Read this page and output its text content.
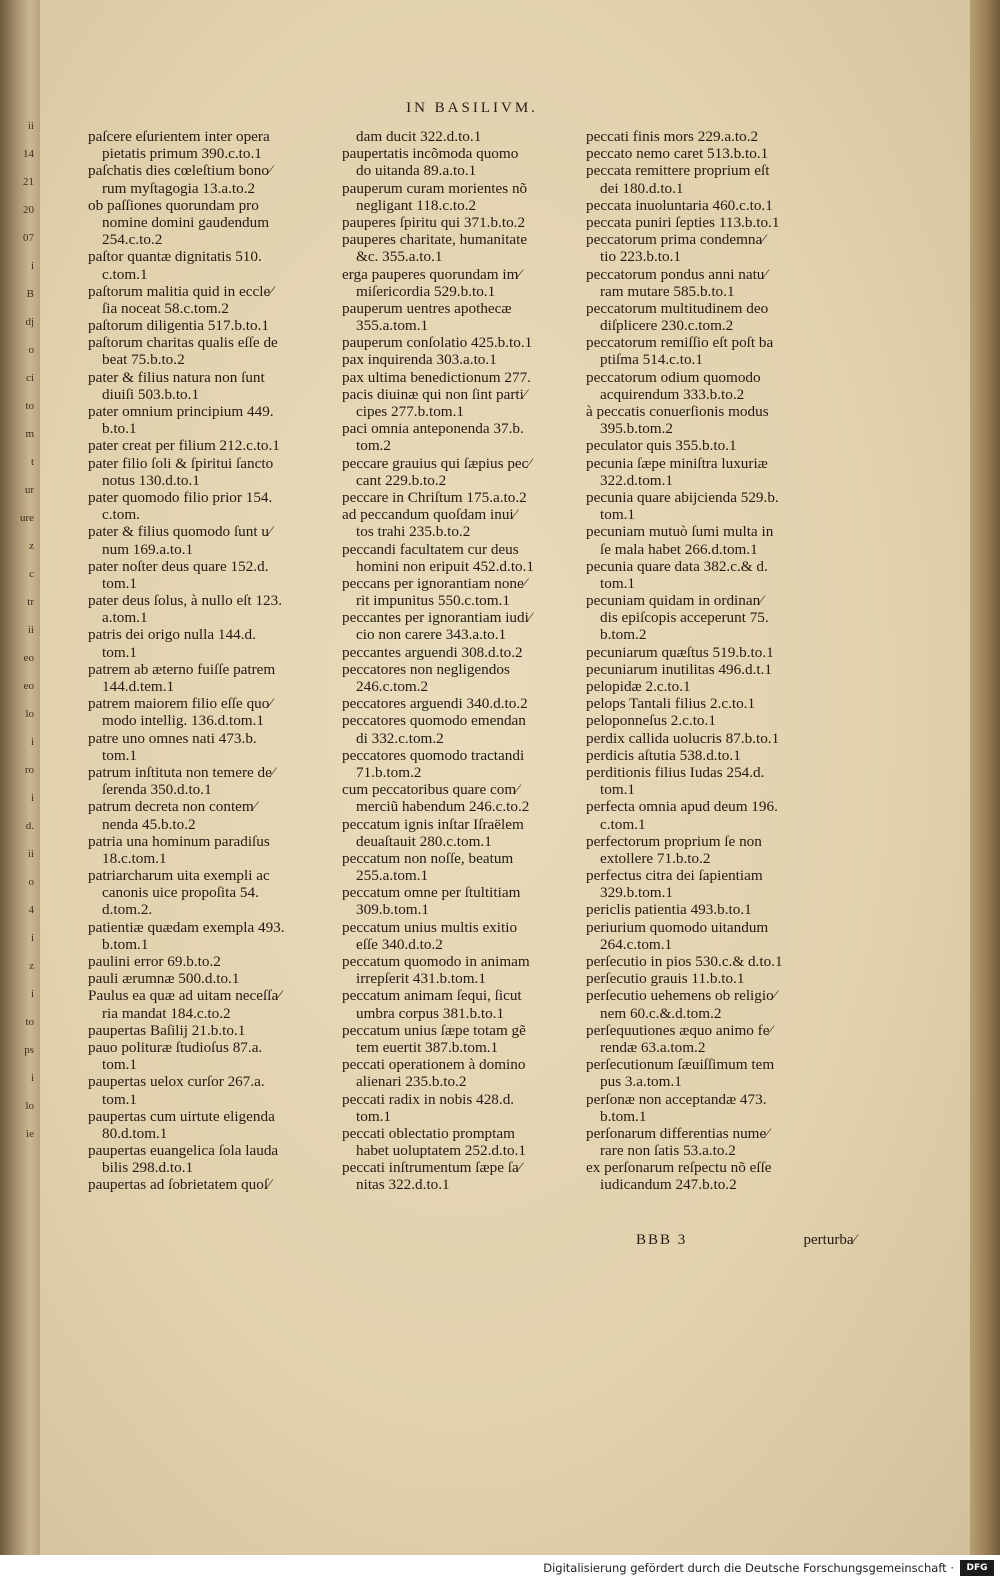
ii
14
21
20
07
i
B
dj
o
ci
to
m
t
ur
ure
z
c
tr
ii
eo
eo
lo
i
ro
i
d.
ii
o
4
i
z
i
to
ps
i
lo
ie
IN BASILIVM.
paſcere eſurientem inter opera
pietatis primum 390.c.to.1
paſchatis dies cœleſtium bono⁄
rum myſtagogia 13.a.to.2
ob paſſiones quorundam pro
nomine domini gaudendum
254.c.to.2
paſtor quantæ dignitatis 510.
c.tom.1
paſtorum malitia quid in eccle⁄
ſia noceat 58.c.tom.2
paſtorum diligentia 517.b.to.1
paſtorum charitas qualis eſſe de
beat 75.b.to.2
pater & filius natura non ſunt
diuiſi 503.b.to.1
pater omnium principium 449.
b.to.1
pater creat per filium 212.c.to.1
pater filio ſoli & ſpiritui ſancto
notus 130.d.to.1
pater quomodo filio prior 154.
c.tom.
pater & filius quomodo ſunt u⁄
num 169.a.to.1
pater noſter deus quare 152.d.
tom.1
pater deus ſolus, à nullo eſt 123.
a.tom.1
patris dei origo nulla 144.d.
tom.1
patrem ab æterno fuiſſe patrem
144.d.tem.1
patrem maiorem filio eſſe quo⁄
modo intellig. 136.d.tom.1
patre uno omnes nati 473.b.
tom.1
patrum inſtituta non temere de⁄
ſerenda 350.d.to.1
patrum decreta non contem⁄
nenda 45.b.to.2
patria una hominum paradiſus
18.c.tom.1
patriarcharum uita exempli ac
canonis uice propoſita 54.
d.tom.2.
patientiæ quædam exempla 493.
b.tom.1
paulini error 69.b.to.2
pauli ærumnæ 500.d.to.1
Paulus ea quæ ad uitam neceſſa⁄
ria mandat 184.c.to.2
paupertas Baſilij 21.b.to.1
pauo polituræ ſtudioſus 87.a.
tom.1
paupertas uelox curſor 267.a.
tom.1
paupertas cum uirtute eligenda
80.d.tom.1
paupertas euangelica ſola lauda
bilis 298.d.to.1
paupertas ad ſobrietatem quoſ⁄
dam ducit 322.d.to.1
paupertatis incõmoda quomo
do uitanda 89.a.to.1
pauperum curam morientes nõ
negligant 118.c.to.2
pauperes ſpiritu qui 371.b.to.2
pauperes charitate, humanitate
&c. 355.a.to.1
erga pauperes quorundam im⁄
miſericordia 529.b.to.1
pauperum uentres apothecæ
355.a.tom.1
pauperum conſolatio 425.b.to.1
pax inquirenda 303.a.to.1
pax ultima benedictionum 277.
pacis diuinæ qui non ſint parti⁄
cipes 277.b.tom.1
paci omnia anteponenda 37.b.
tom.2
peccare grauius qui ſæpius pec⁄
cant 229.b.to.2
peccare in Chriſtum 175.a.to.2
ad peccandum quoſdam inui⁄
tos trahi 235.b.to.2
peccandi facultatem cur deus
homini non eripuit 452.d.to.1
peccans per ignorantiam none⁄
rit impunitus 550.c.tom.1
peccantes per ignorantiam iudi⁄
cio non carere 343.a.to.1
peccantes arguendi 308.d.to.2
peccatores non negligendos
246.c.tom.2
peccatores arguendi 340.d.to.2
peccatores quomodo emendan
di 332.c.tom.2
peccatores quomodo tractandi
71.b.tom.2
cum peccatoribus quare com⁄
merciũ habendum 246.c.to.2
peccatum ignis inſtar Iſraëlem
deuaſtauit 280.c.tom.1
peccatum non noſſe, beatum
255.a.tom.1
peccatum omne per ſtultitiam
309.b.tom.1
peccatum unius multis exitio
eſſe 340.d.to.2
peccatum quomodo in animam
irrepſerit 431.b.tom.1
peccatum animam ſequi, ſicut
umbra corpus 381.b.to.1
peccatum unius ſæpe totam gẽ
tem euertit 387.b.tom.1
peccati operationem à domino
alienari 235.b.to.2
peccati radix in nobis 428.d.
tom.1
peccati oblectatio promptam
habet uoluptatem 252.d.to.1
peccati inſtrumentum ſæpe ſa⁄
nitas 322.d.to.1
peccati finis mors 229.a.to.2
peccato nemo caret 513.b.to.1
peccata remittere proprium eſt
dei 180.d.to.1
peccata inuoluntaria 460.c.to.1
peccata puniri ſepties 113.b.to.1
peccatorum prima condemna⁄
tio 223.b.to.1
peccatorum pondus anni natu⁄
ram mutare 585.b.to.1
peccatorum multitudinem deo
diſplicere 230.c.tom.2
peccatorum remiſſio eſt poſt ba
ptiſma 514.c.to.1
peccatorum odium quomodo
acquirendum 333.b.to.2
à peccatis conuerſionis modus
395.b.tom.2
peculator quis 355.b.to.1
pecunia ſæpe miniſtra luxuriæ
322.d.tom.1
pecunia quare abijcienda 529.b.
tom.1
pecuniam mutuò ſumi multa in
ſe mala habet 266.d.tom.1
pecunia quare data 382.c.& d.
tom.1
pecuniam quidam in ordinan⁄
dis epiſcopis acceperunt 75.
b.tom.2
pecuniarum quæſtus 519.b.to.1
pecuniarum inutilitas 496.d.t.1
pelopidæ 2.c.to.1
pelops Tantali filius 2.c.to.1
peloponneſus 2.c.to.1
perdix callida uolucris 87.b.to.1
perdicis aſtutia 538.d.to.1
perditionis filius Iudas 254.d.
tom.1
perfecta omnia apud deum 196.
c.tom.1
perfectorum proprium ſe non
extollere 71.b.to.2
perfectus citra dei ſapientiam
329.b.tom.1
periclis patientia 493.b.to.1
periurium quomodo uitandum
264.c.tom.1
perſecutio in pios 530.c.& d.to.1
perſecutio grauis 11.b.to.1
perſecutio uehemens ob religio⁄
nem 60.c.&.d.tom.2
perſequutiones æquo animo fe⁄
rendæ 63.a.tom.2
perſecutionum ſæuiſſimum tem
pus 3.a.tom.1
perſonæ non acceptandæ 473.
b.tom.1
perſonarum differentias nume⁄
rare non ſatis 53.a.to.2
ex perſonarum reſpectu nõ eſſe
iudicandum 247.b.to.2
BBB 3	perturba⁄
Digitalisierung gefördert durch die Deutsche Forschungsgemeinschaft ·	DFG
